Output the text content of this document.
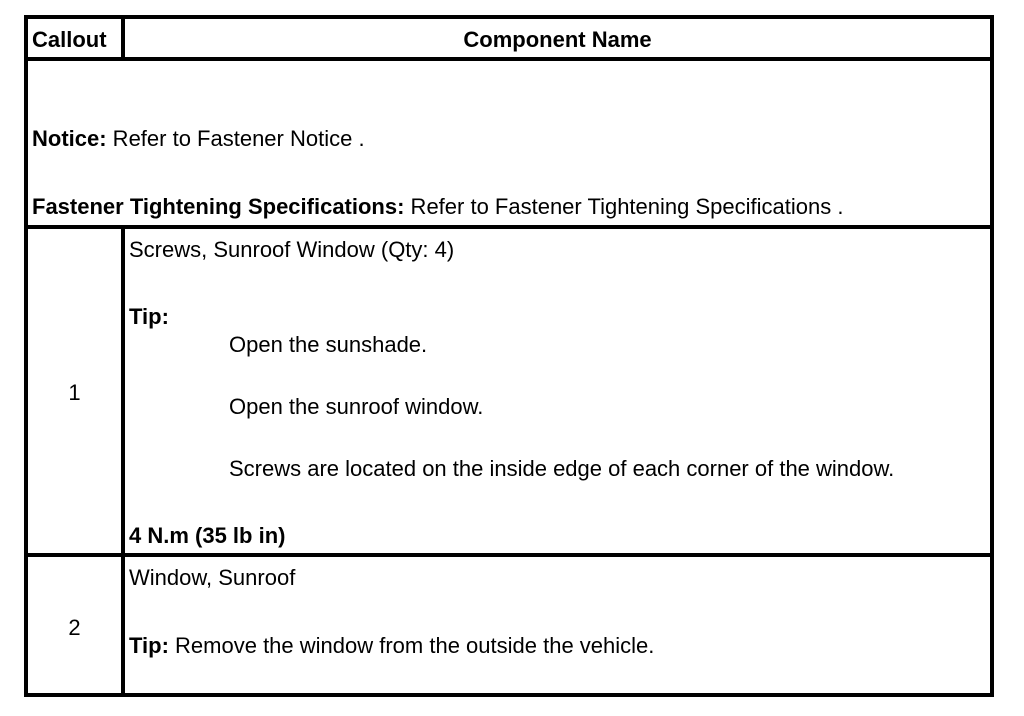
Callout	Component Name
Notice: Refer to Fastener Notice .
Fastener Tightening Specifications: Refer to Fastener Tightening Specifications .
1
Screws, Sunroof Window (Qty: 4)
Tip:
Open the sunshade.
Open the sunroof window.
Screws are located on the inside edge of each corner of the window.
4 N.m (35 lb in)
2
Window, Sunroof
Tip: Remove the window from the outside the vehicle.
